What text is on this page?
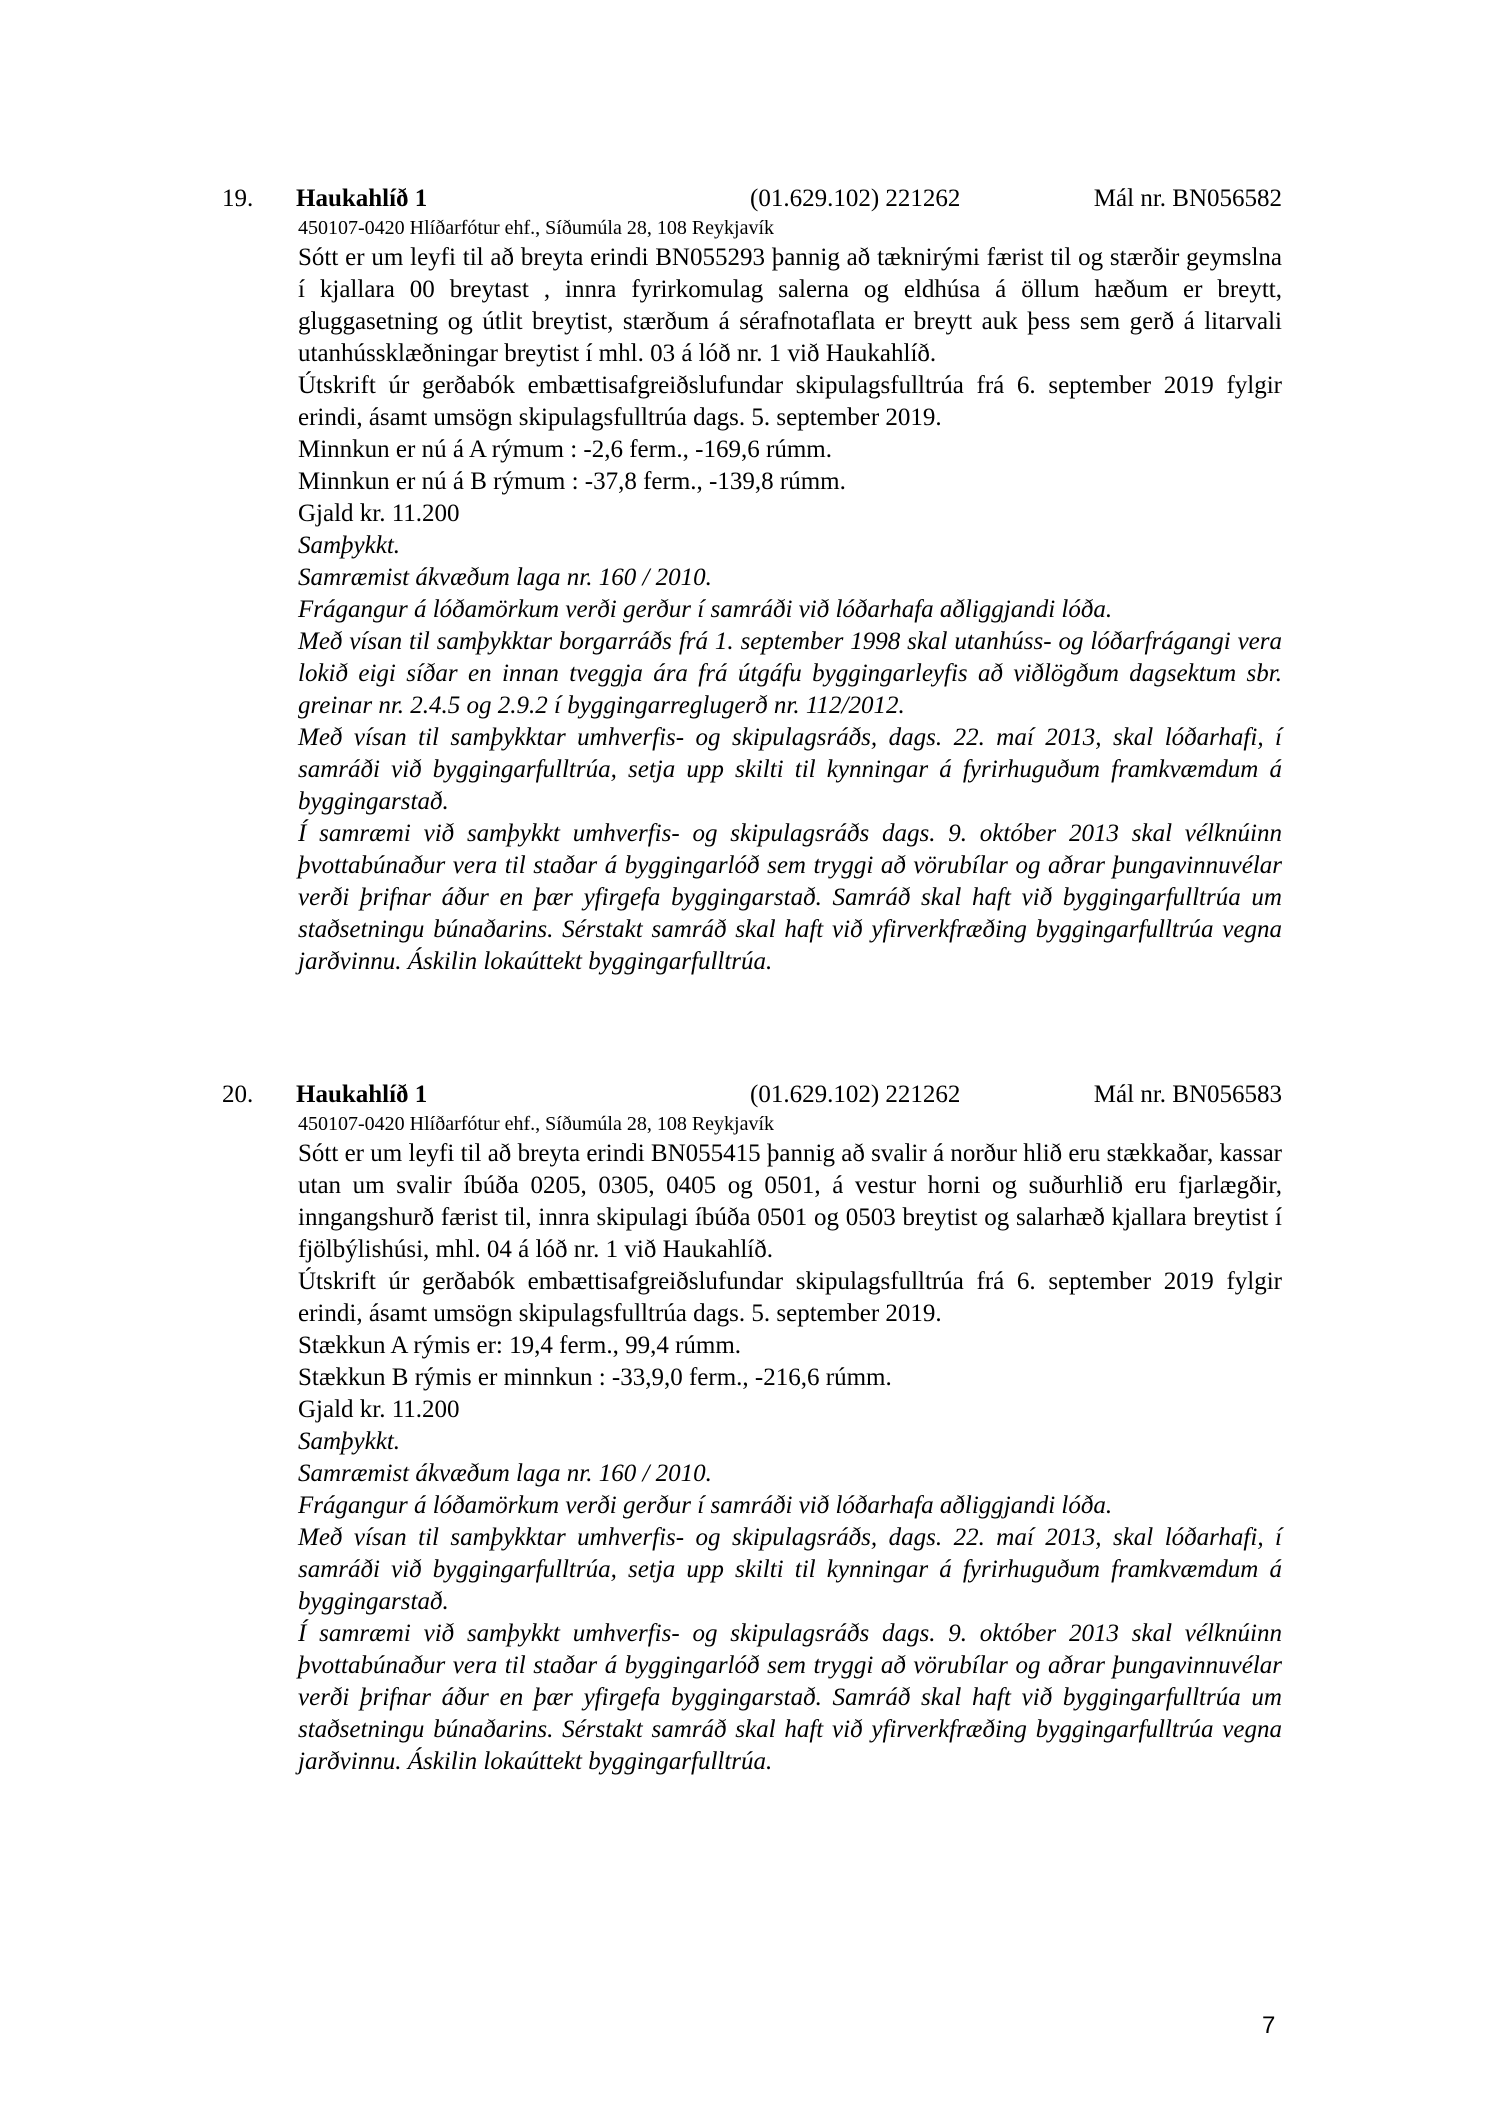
19. Haukahlíð 1	(01.629.102) 221262	Mál nr. BN056582

450107-0420 Hlíðarfótur ehf., Síðumúla 28, 108 Reykjavík

Sótt er um leyfi til að breyta erindi BN055293 þannig að tæknirými færist til og stærðir geymslna í kjallara 00 breytast , innra fyrirkomulag salerna og eldhúsa á öllum hæðum er breytt, gluggasetning og útlit breytist, stærðum á sérafnotaflata er breytt auk þess sem gerð á litarvali utanhússklæðningar breytist í mhl. 03 á lóð nr. 1 við Haukahlíð.

Útskrift úr gerðabók embættisafgreiðslufundar skipulagsfulltrúa frá 6. september 2019 fylgir erindi, ásamt umsögn skipulagsfulltrúa dags. 5. september 2019.

Minnkun er nú á A rýmum : -2,6 ferm., -169,6 rúmm.

Minnkun er nú á B rýmum : -37,8 ferm., -139,8 rúmm.

Gjald kr. 11.200

Samþykkt.

Samræmist ákvæðum laga nr. 160 / 2010.

Frágangur á lóðamörkum verði gerður í samráði við lóðarhafa aðliggjandi lóða.

Með vísan til samþykktar borgarráðs frá 1. september 1998 skal utanhúss- og lóðarfrágangi vera lokið eigi síðar en innan tveggja ára frá útgáfu byggingarleyfis að viðlögðum dagsektum sbr. greinar nr. 2.4.5 og 2.9.2 í byggingarreglugerð nr. 112/2012.

Með vísan til samþykktar umhverfis- og skipulagsráðs, dags. 22. maí 2013, skal lóðarhafi, í samráði við byggingarfulltrúa, setja upp skilti til kynningar á fyrirhuguðum framkvæmdum á byggingarstað.

Í samræmi við samþykkt umhverfis- og skipulagsráðs dags. 9. október 2013 skal vélknúinn þvottabúnaður vera til staðar á byggingarlóð sem tryggi að vörubílar og aðrar þungavinnuvélar verði þrifnar áður en þær yfirgefa byggingarstað. Samráð skal haft við byggingarfulltrúa um staðsetningu búnaðarins. Sérstakt samráð skal haft við yfirverkfræðing byggingarfulltrúa vegna jarðvinnu. Áskilin lokaúttekt byggingarfulltrúa.

20. Haukahlíð 1	(01.629.102) 221262	Mál nr. BN056583

450107-0420 Hlíðarfótur ehf., Síðumúla 28, 108 Reykjavík

Sótt er um leyfi til að breyta erindi BN055415 þannig að svalir á norður hlið eru stækkaðar, kassar utan um svalir íbúða 0205, 0305, 0405 og 0501, á vestur horni og suðurhlið eru fjarlægðir, inngangshurð færist til, innra skipulagi íbúða 0501 og 0503 breytist og salarhæð kjallara breytist í fjölbýlishúsi, mhl. 04 á lóð nr. 1 við Haukahlíð.

Útskrift úr gerðabók embættisafgreiðslufundar skipulagsfulltrúa frá 6. september 2019 fylgir erindi, ásamt umsögn skipulagsfulltrúa dags. 5. september 2019.

Stækkun A rýmis er: 19,4 ferm., 99,4 rúmm.

Stækkun B rýmis er minnkun : -33,9,0 ferm., -216,6 rúmm.

Gjald kr. 11.200

Samþykkt.

Samræmist ákvæðum laga nr. 160 / 2010.

Frágangur á lóðamörkum verði gerður í samráði við lóðarhafa aðliggjandi lóða.

Með vísan til samþykktar umhverfis- og skipulagsráðs, dags. 22. maí 2013, skal lóðarhafi, í samráði við byggingarfulltrúa, setja upp skilti til kynningar á fyrirhuguðum framkvæmdum á byggingarstað.

Í samræmi við samþykkt umhverfis- og skipulagsráðs dags. 9. október 2013 skal vélknúinn þvottabúnaður vera til staðar á byggingarlóð sem tryggi að vörubílar og aðrar þungavinnuvélar verði þrifnar áður en þær yfirgefa byggingarstað. Samráð skal haft við byggingarfulltrúa um staðsetningu búnaðarins. Sérstakt samráð skal haft við yfirverkfræðing byggingarfulltrúa vegna jarðvinnu. Áskilin lokaúttekt byggingarfulltrúa.

7
